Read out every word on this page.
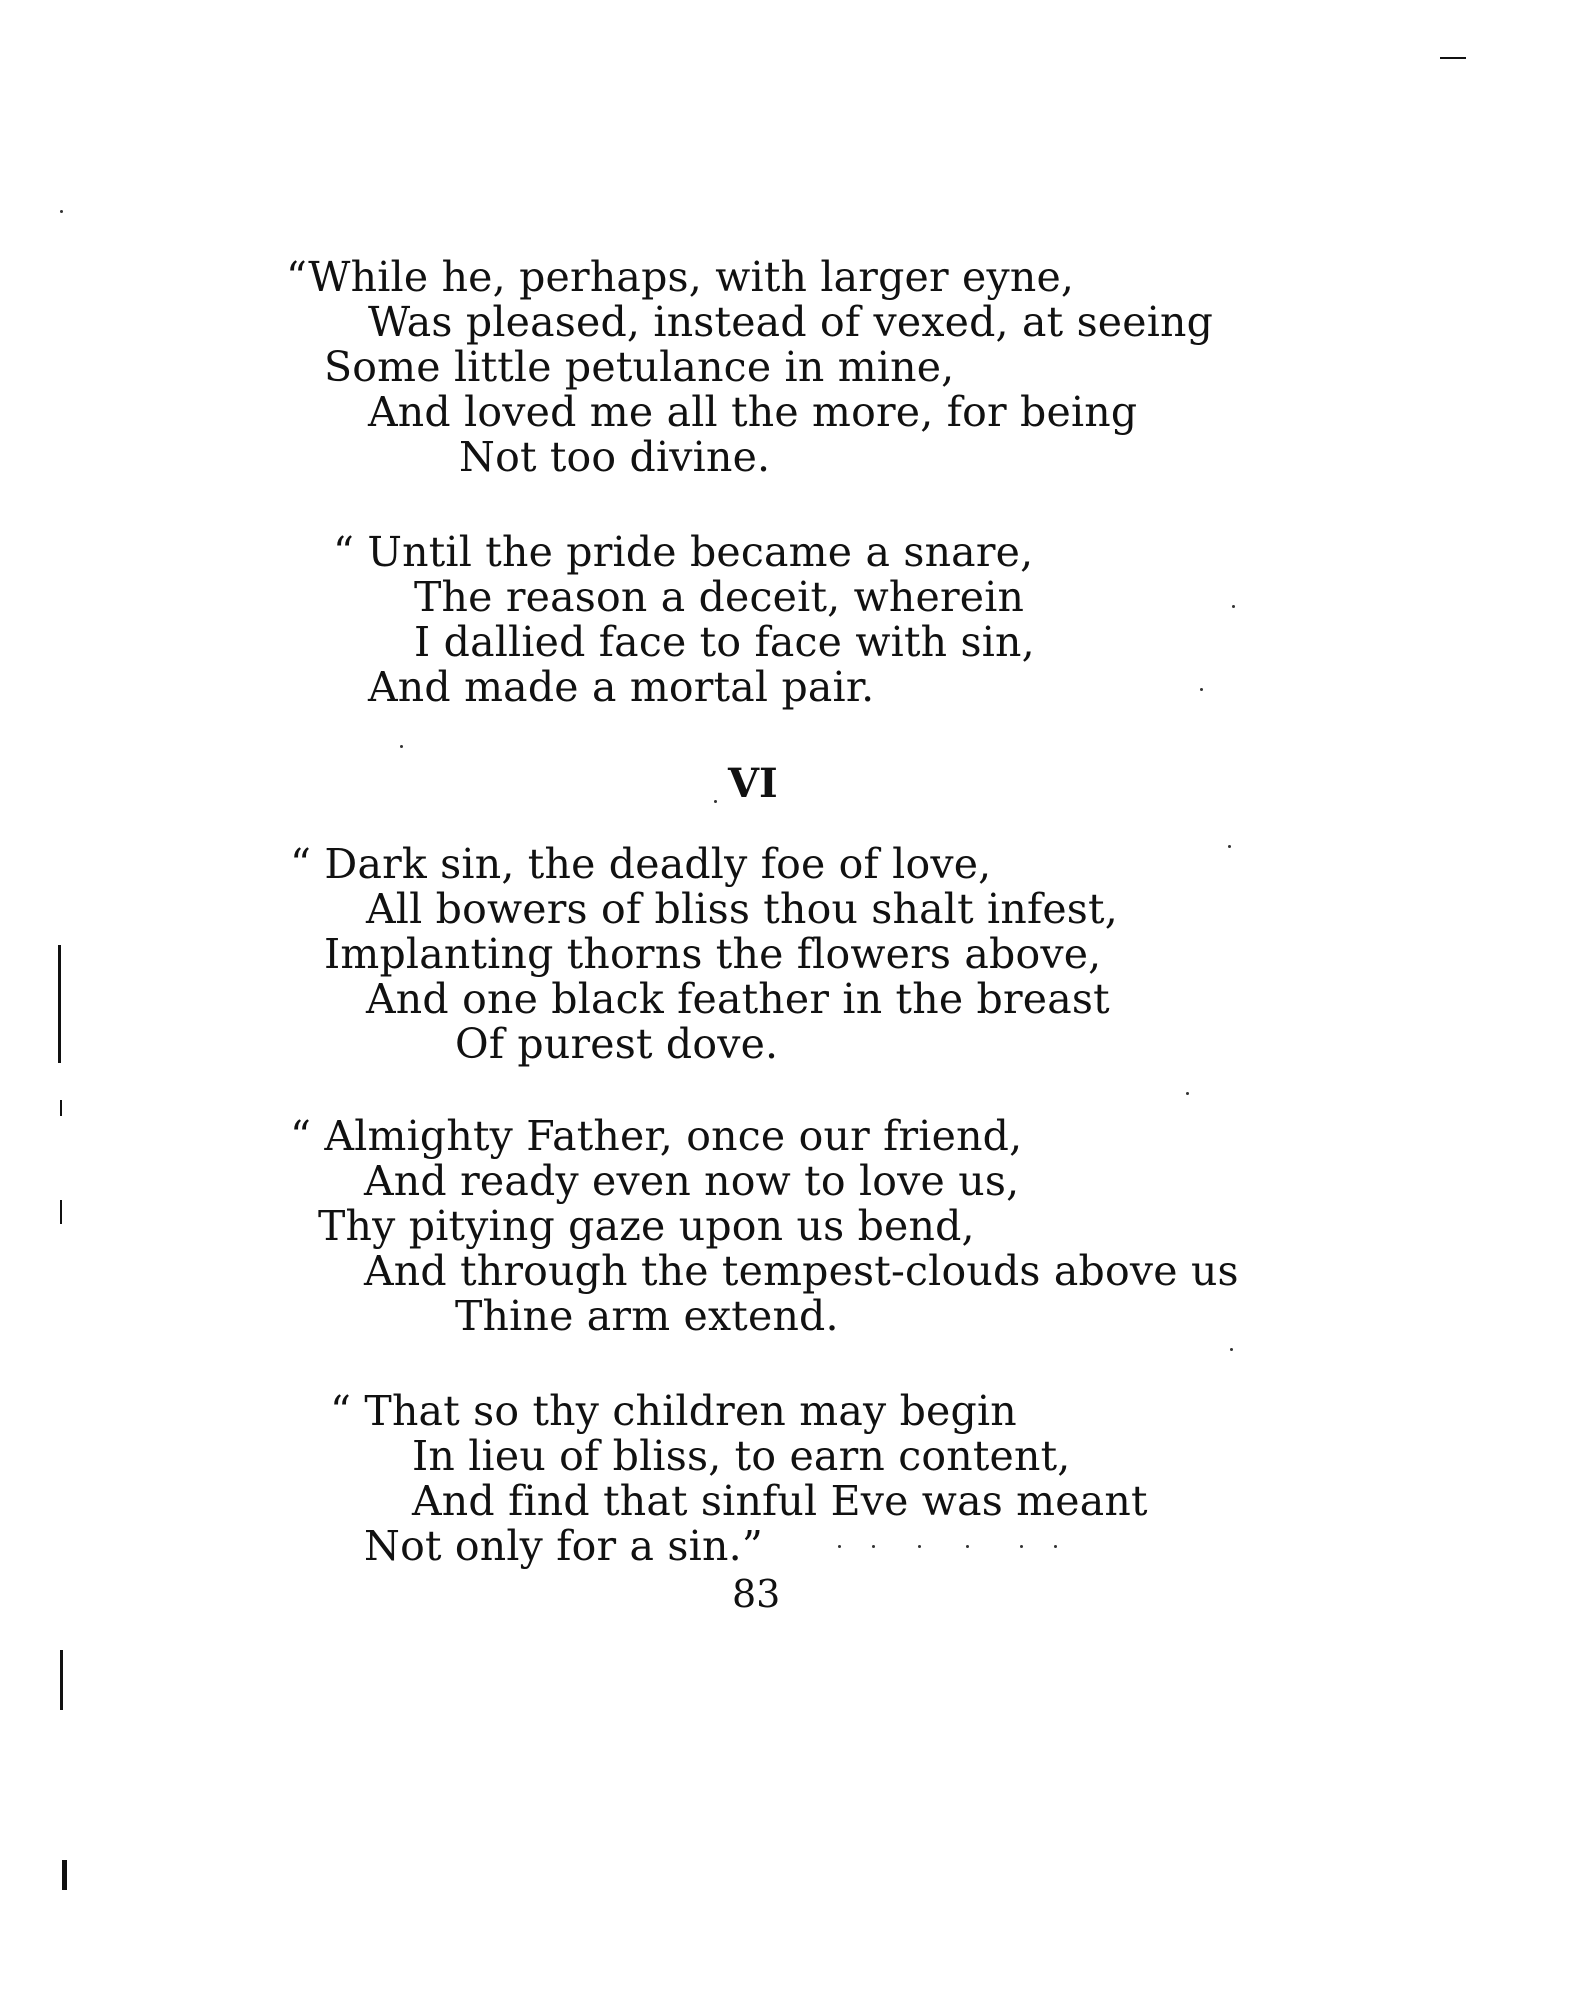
“While he, perhaps, with larger eyne,
Was pleased, instead of vexed, at seeing
Some little petulance in mine,
And loved me all the more, for being
Not too divine.
“ Until the pride became a snare,
The reason a deceit, wherein
I dallied face to face with sin,
And made a mortal pair.
VI
“ Dark sin, the deadly foe of love,
All bowers of bliss thou shalt infest,
Implanting thorns the flowers above,
And one black feather in the breast
Of purest dove.
“ Almighty Father, once our friend,
And ready even now to love us,
Thy pitying gaze upon us bend,
And through the tempest-clouds above us
Thine arm extend.
“ That so thy children may begin
In lieu of bliss, to earn content,
And find that sinful Eve was meant
Not only for a sin.”
83
